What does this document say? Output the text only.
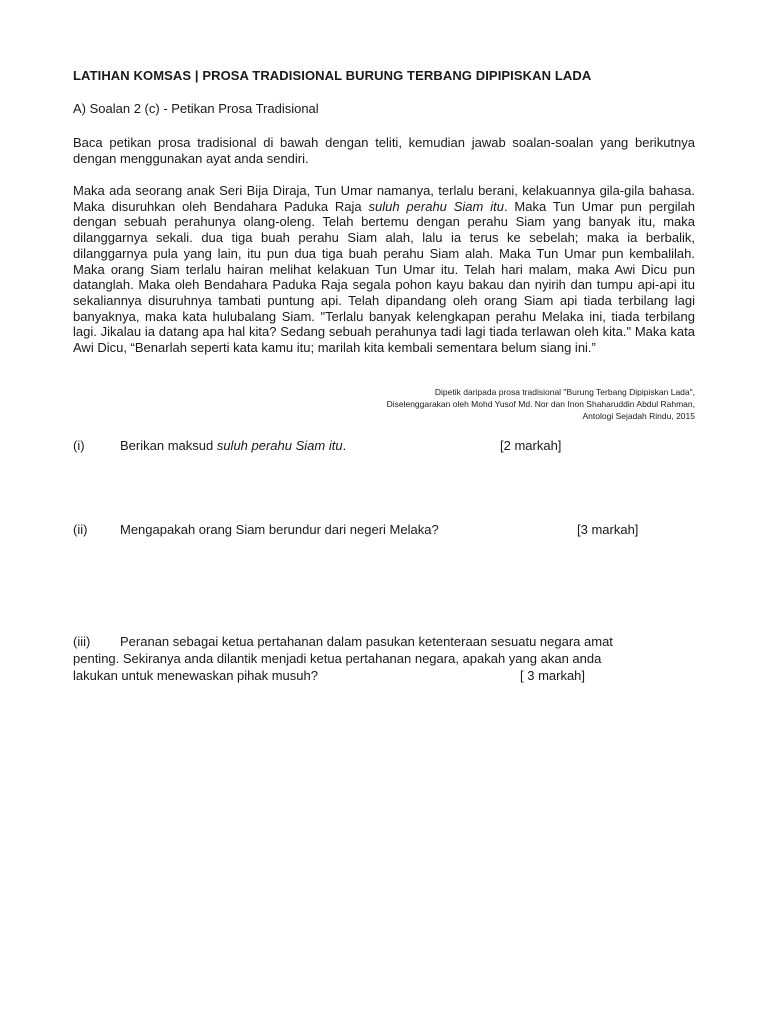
LATIHAN KOMSAS | PROSA TRADISIONAL BURUNG TERBANG DIPIPISKAN LADA
A) Soalan 2 (c) - Petikan Prosa Tradisional
Baca petikan prosa tradisional di bawah dengan teliti, kemudian jawab soalan-soalan yang berikutnya dengan menggunakan ayat anda sendiri.
Maka ada seorang anak Seri Bija Diraja, Tun Umar namanya, terlalu berani, kelakuannya gila-gila bahasa. Maka disuruhkan oleh Bendahara Paduka Raja suluh perahu Siam itu. Maka Tun Umar pun pergilah dengan sebuah perahunya olang-oleng. Telah bertemu dengan perahu Siam yang banyak itu, maka dilanggarnya sekali. dua tiga buah perahu Siam alah, lalu ia terus ke sebelah; maka ia berbalik, dilanggarnya pula yang lain, itu pun dua tiga buah perahu Siam alah. Maka Tun Umar pun kembalilah. Maka orang Siam terlalu hairan melihat kelakuan Tun Umar itu. Telah hari malam, maka Awi Dicu pun datanglah. Maka oleh Bendahara Paduka Raja segala pohon kayu bakau dan nyirih dan tumpu api-api itu sekaliannya disuruhnya tambati puntung api. Telah dipandang oleh orang Siam api tiada terbilang lagi banyaknya, maka kata hulubalang Siam. "Terlalu banyak kelengkapan perahu Melaka ini, tiada terbilang lagi. Jikalau ia datang apa hal kita? Sedang sebuah perahunya tadi lagi tiada terlawan oleh kita." Maka kata Awi Dicu, “Benarlah seperti kata kamu itu; marilah kita kembali sementara belum siang ini.”
Dipetik daripada prosa tradisional "Burung Terbang Dipipiskan Lada",
Diselenggarakan oleh Mohd Yusof Md. Nor dan Inon Shaharuddin Abdul Rahman,
Antologi Sejadah Rindu, 2015
(i)	Berikan maksud suluh perahu Siam itu.	[2 markah]
(ii)	Mengapakah orang Siam berundur dari negeri Melaka?	[3 markah]
(iii) Peranan sebagai ketua pertahanan dalam pasukan ketenteraan sesuatu negara amat
penting. Sekiranya anda dilantik menjadi ketua pertahanan negara, apakah yang akan anda
lakukan untuk menewaskan pihak musuh?	[ 3 markah]
